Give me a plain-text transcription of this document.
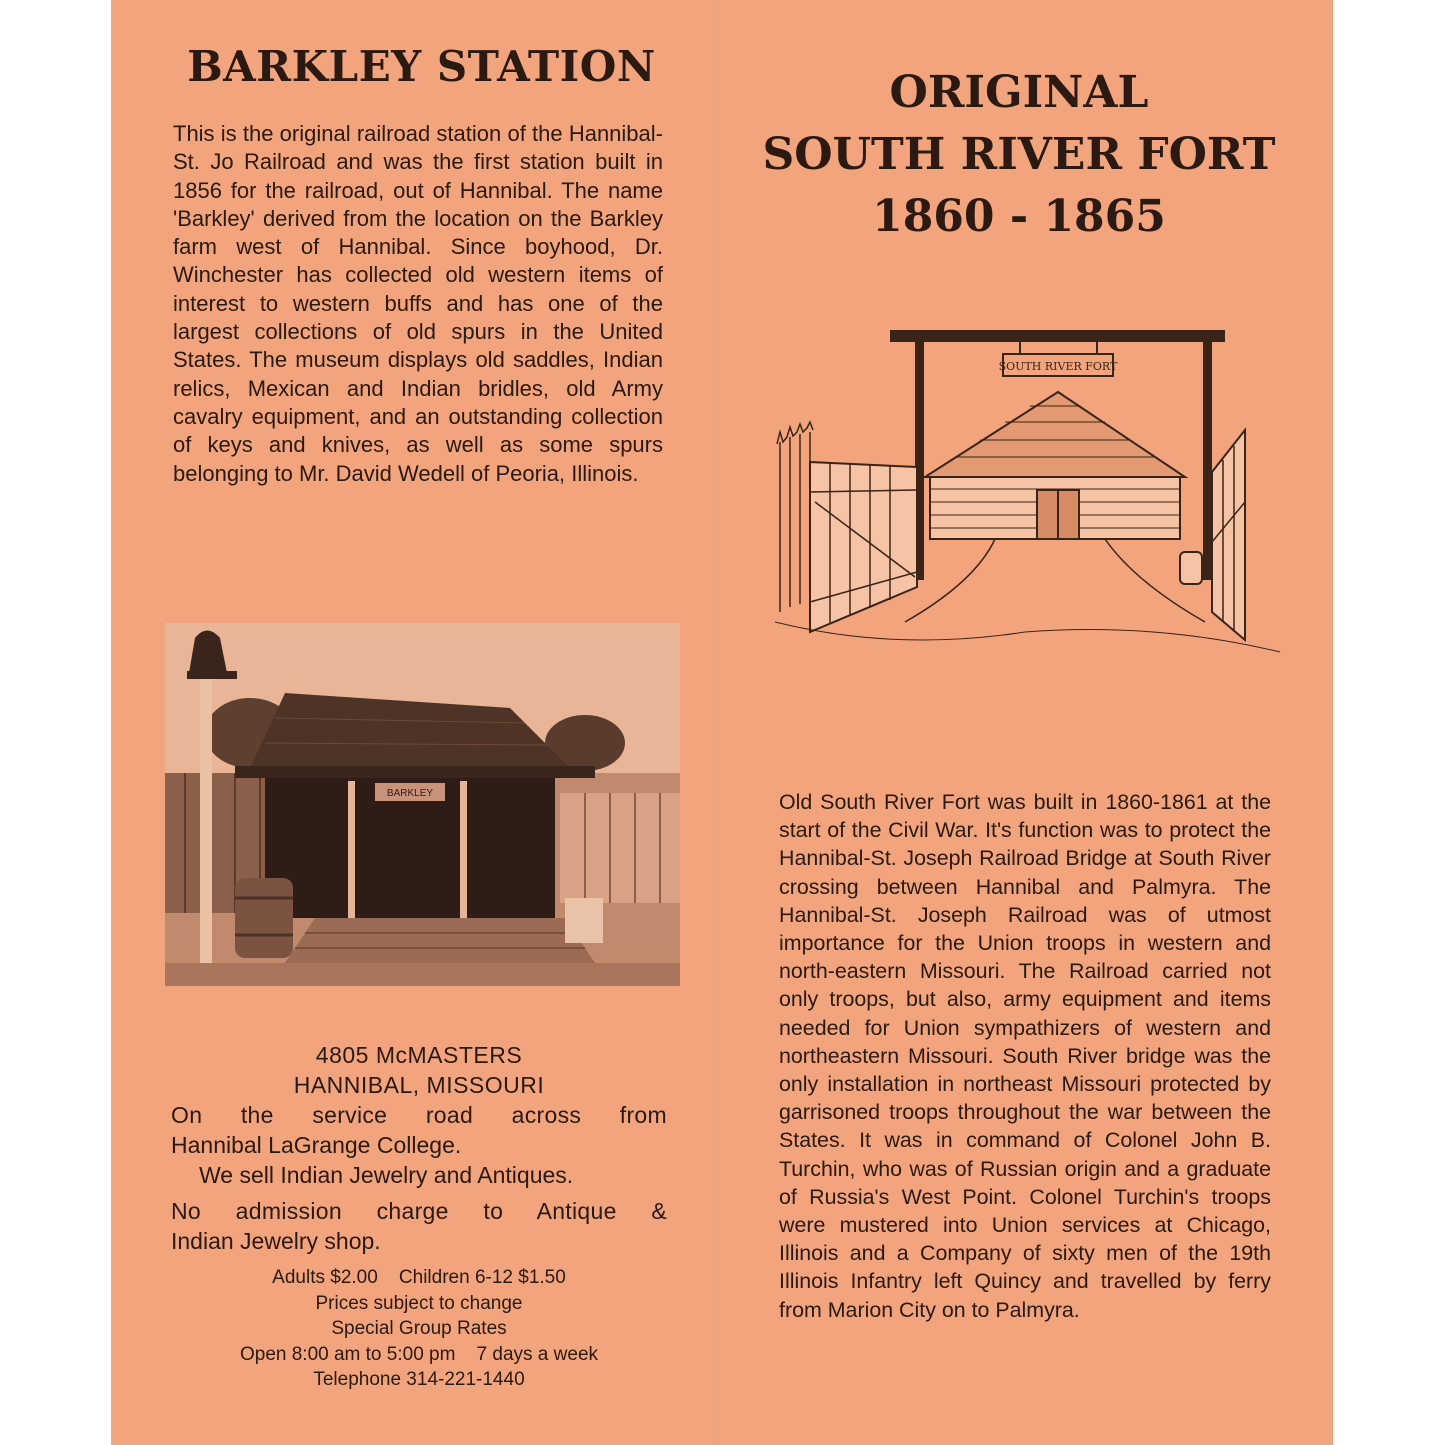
BARKLEY STATION

This is the original railroad station of the Hannibal-St. Jo Railroad and was the first station built in 1856 for the railroad, out of Hannibal. The name 'Barkley' derived from the location on the Barkley farm west of Hannibal. Since boyhood, Dr. Winchester has collected old western items of interest to western buffs and has one of the largest collections of old spurs in the United States. The museum displays old saddles, Indian relics, Mexican and Indian bridles, old Army cavalry equipment, and an outstanding collection of keys and knives, as well as some spurs belonging to Mr. David Wedell of Peoria, Illinois.

BARKLEY

4805 McMASTERS

HANNIBAL, MISSOURI

On the service road across from

Hannibal LaGrange College.

We sell Indian Jewelry and Antiques.

No admission charge to Antique &

Indian Jewelry shop.

Adults $2.00    Children 6-12 $1.50

Prices subject to change

Special Group Rates

Open 8:00 am to 5:00 pm    7 days a week

Telephone 314-221-1440

ORIGINAL
SOUTH RIVER FORT
1860 - 1865
SOUTH RIVER FORT

Old South River Fort was built in 1860-1861 at the start of the Civil War. It's function was to protect the Hannibal-St. Joseph Railroad Bridge at South River crossing between Hannibal and Palmyra. The Hannibal-St. Joseph Railroad was of utmost importance for the Union troops in western and north-eastern Missouri. The Railroad carried not only troops, but also, army equipment and items needed for Union sympathizers of western and northeastern Missouri. South River bridge was the only installation in northeast Missouri protected by garrisoned troops throughout the war between the States. It was in command of Colonel John B. Turchin, who was of Russian origin and a graduate of Russia's West Point. Colonel Turchin's troops were mustered into Union services at Chicago, Illinois and a Company of sixty men of the 19th Illinois Infantry left Quincy and travelled by ferry from Marion City on to Palmyra.
